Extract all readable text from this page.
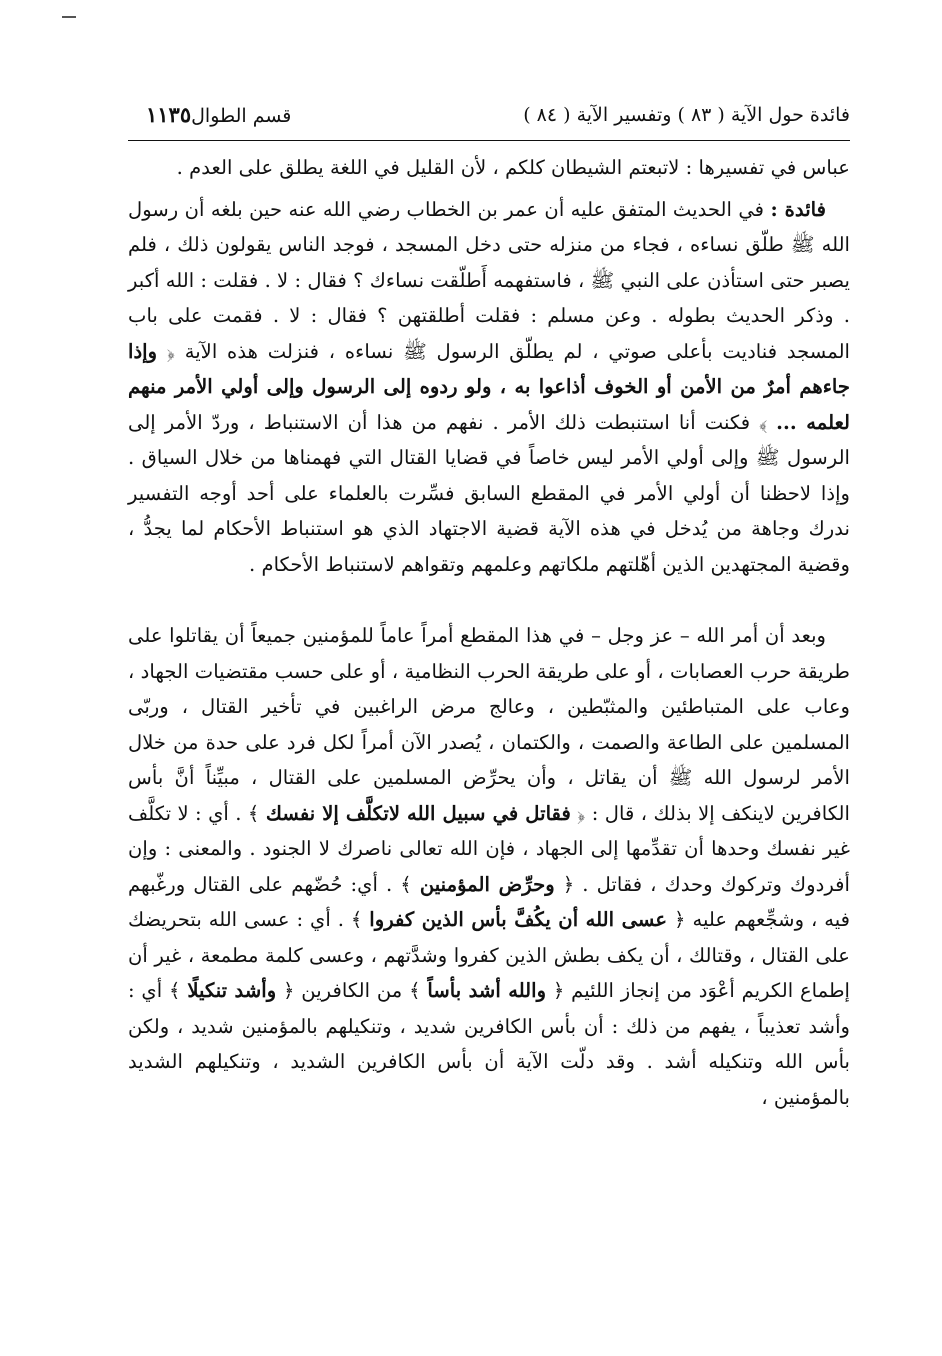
فائدة حول الآية ( ٨٣ ) وتفسير الآية ( ٨٤ )
قسم الطوال١١٣٥

عباس في تفسيرها : لاتبعتم الشيطان كلكم ، لأن القليل في اللغة يطلق على العدم .

فائدة : في الحديث المتفق عليه أن عمر بن الخطاب رضي الله عنه حين بلغه أن رسول الله ﷺ طلّق نساءه ، فجاء من منزله حتى دخل المسجد ، فوجد الناس يقولون ذلك ، فلم يصبر حتى استأذن على النبي ﷺ ، فاستفهمه أَطلّقت نساءك ؟ فقال : لا . فقلت : الله أكبر . وذكر الحديث بطوله . وعن مسلم : فقلت أطلقتهن ؟ فقال : لا . فقمت على باب المسجد فناديت بأعلى صوتي ، لم يطلّق الرسول ﷺ نساءه ، فنزلت هذه الآية ﴿ وإذا جاءهم أمرٌ من الأمن أو الخوف أذاعوا به ، ولو ردوه إلى الرسول وإلى أولي الأمر منهم لعلمه ... ﴾ فكنت أنا استنبطت ذلك الأمر . نفهم من هذا أن الاستنباط ، وردّ الأمر إلى الرسول ﷺ وإلى أولي الأمر ليس خاصاً في قضايا القتال التي فهمناها من خلال السياق . وإذا لاحظنا أن أولي الأمر في المقطع السابق فسِّرت بالعلماء على أحد أوجه التفسير ندرك وجاهة من يُدخل في هذه الآية قضية الاجتهاد الذي هو استنباط الأحكام لما يجدُّ ، وقضية المجتهدين الذين أهّلتهم ملكاتهم وعلمهم وتقواهم لاستنباط الأحكام .

وبعد أن أمر الله – عز وجل – في هذا المقطع أمراً عاماً للمؤمنين جميعاً أن يقاتلوا على طريقة حرب العصابات ، أو على طريقة الحرب النظامية ، أو على حسب مقتضيات الجهاد ، وعاب على المتباطئين والمثبّطين ، وعالج مرض الراغبين في تأخير القتال ، وربّى المسلمين على الطاعة والصمت ، والكتمان ، يُصدر الآن أمراً لكل فرد على حدة من خلال الأمر لرسول الله ﷺ أن يقاتل ، وأن يحرِّض المسلمين على القتال ، مبيِّناً أنَّ بأس الكافرين لاينكف إلا بذلك ، قال : ﴿ فقاتل في سبيل الله لاتكلَّف إلا نفسك ﴾ . أي : لا تكلَّف غير نفسك وحدها أن تقدِّمها إلى الجهاد ، فإن الله تعالى ناصرك لا الجنود . والمعنى : وإن أفردوك وتركوك وحدك ، فقاتل . ﴿ وحرِّض المؤمنين ﴾ . أي: حُضّهم على القتال ورغّبهم فيه ، وشجِّعهم عليه ﴿ عسى الله أن يكُفَّ بأس الذين كفروا ﴾ . أي : عسى الله بتحريضك على القتال ، وقتالك ، أن يكف بطش الذين كفروا وشدَّتهم ، وعسى كلمة مطمعة ، غير أن إطماع الكريم أعْوَد من إنجاز اللئيم ﴿ والله أشد بأساً ﴾ من الكافرين ﴿ وأشد تنكيلًا ﴾ أي : وأشد تعذيباً ، يفهم من ذلك : أن بأس الكافرين شديد ، وتنكيلهم بالمؤمنين شديد ، ولكن بأس الله وتنكيله أشد . وقد دلّت الآية أن بأس الكافرين الشديد ، وتنكيلهم الشديد بالمؤمنين ،
